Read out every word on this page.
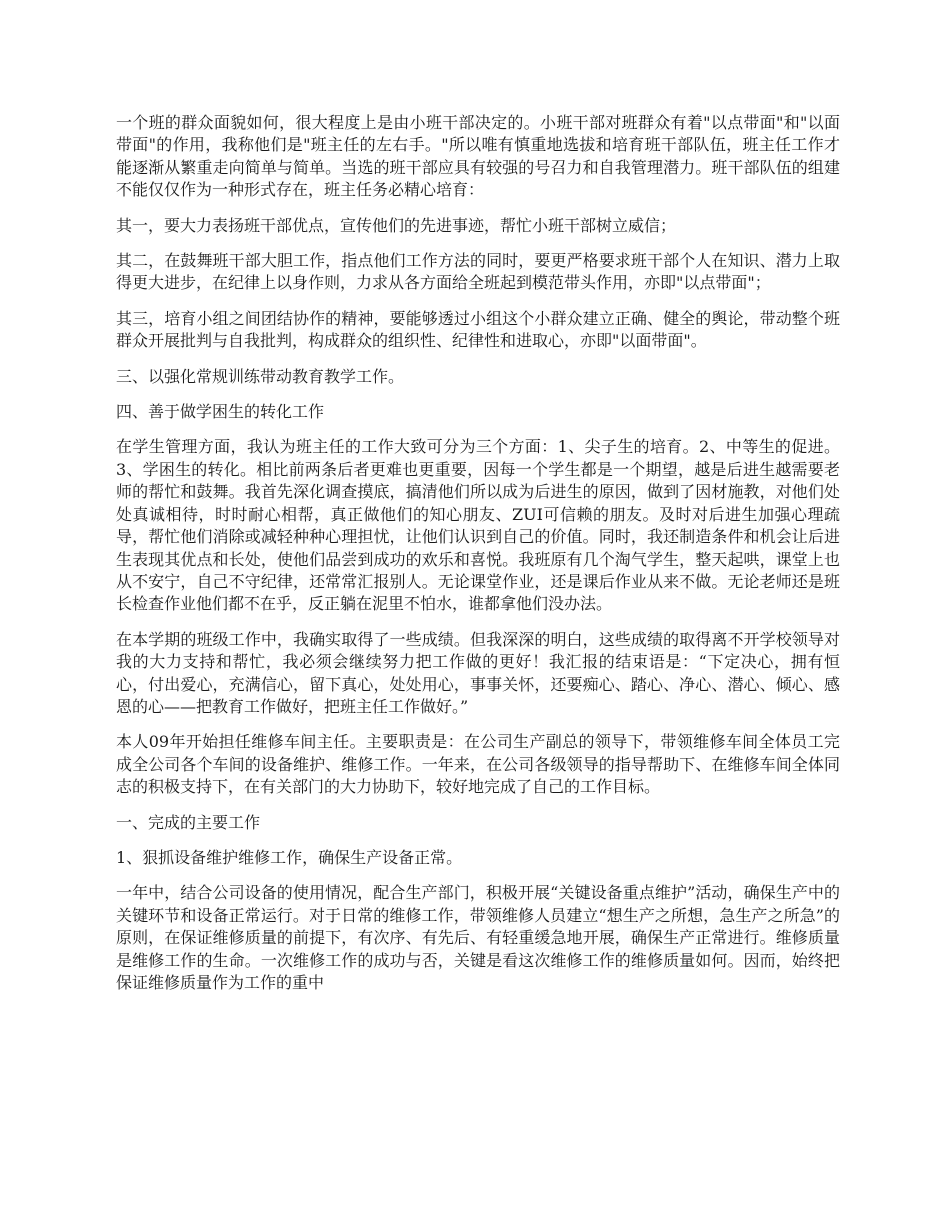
一个班的群众面貌如何，很大程度上是由小班干部决定的。小班干部对班群众有着"以点带面"和"以面带面"的作用，我称他们是"班主任的左右手。"所以唯有慎重地选拔和培育班干部队伍，班主任工作才能逐渐从繁重走向简单与简单。当选的班干部应具有较强的号召力和自我管理潜力。班干部队伍的组建不能仅仅作为一种形式存在，班主任务必精心培育：

其一，要大力表扬班干部优点，宣传他们的先进事迹，帮忙小班干部树立威信；

其二，在鼓舞班干部大胆工作，指点他们工作方法的同时，要更严格要求班干部个人在知识、潜力上取得更大进步，在纪律上以身作则，力求从各方面给全班起到模范带头作用，亦即"以点带面"；

其三，培育小组之间团结协作的精神，要能够透过小组这个小群众建立正确、健全的舆论，带动整个班群众开展批判与自我批判，构成群众的组织性、纪律性和进取心，亦即"以面带面"。

三、以强化常规训练带动教育教学工作。

四、善于做学困生的转化工作

在学生管理方面，我认为班主任的工作大致可分为三个方面：1、尖子生的培育。2、中等生的促进。3、学困生的转化。相比前两条后者更难也更重要，因每一个学生都是一个期望，越是后进生越需要老师的帮忙和鼓舞。我首先深化调查摸底，搞清他们所以成为后进生的原因，做到了因材施教，对他们处处真诚相待，时时耐心相帮，真正做他们的知心朋友、ZUI可信赖的朋友。及时对后进生加强心理疏导，帮忙他们消除或减轻种种心理担忧，让他们认识到自己的价值。同时，我还制造条件和机会让后进生表现其优点和长处，使他们品尝到成功的欢乐和喜悦。我班原有几个淘气学生，整天起哄，课堂上也从不安宁，自己不守纪律，还常常汇报别人。无论课堂作业，还是课后作业从来不做。无论老师还是班长检查作业他们都不在乎，反正躺在泥里不怕水，谁都拿他们没办法。

在本学期的班级工作中，我确实取得了一些成绩。但我深深的明白，这些成绩的取得离不开学校领导对我的大力支持和帮忙，我必须会继续努力把工作做的更好！我汇报的结束语是：“下定决心，拥有恒心，付出爱心，充满信心，留下真心，处处用心，事事关怀，还要痴心、踏心、净心、潜心、倾心、感恩的心——把教育工作做好，把班主任工作做好。”

本人09年开始担任维修车间主任。主要职责是：在公司生产副总的领导下，带领维修车间全体员工完成全公司各个车间的设备维护、维修工作。一年来，在公司各级领导的指导帮助下、在维修车间全体同志的积极支持下，在有关部门的大力协助下，较好地完成了自己的工作目标。

一、完成的主要工作

1、狠抓设备维护维修工作，确保生产设备正常。

一年中，结合公司设备的使用情况，配合生产部门，积极开展“关键设备重点维护”活动，确保生产中的关键环节和设备正常运行。对于日常的维修工作，带领维修人员建立“想生产之所想，急生产之所急”的原则，在保证维修质量的前提下，有次序、有先后、有轻重缓急地开展，确保生产正常进行。维修质量是维修工作的生命。一次维修工作的成功与否，关键是看这次维修工作的维修质量如何。因而，始终把保证维修质量作为工作的重中
